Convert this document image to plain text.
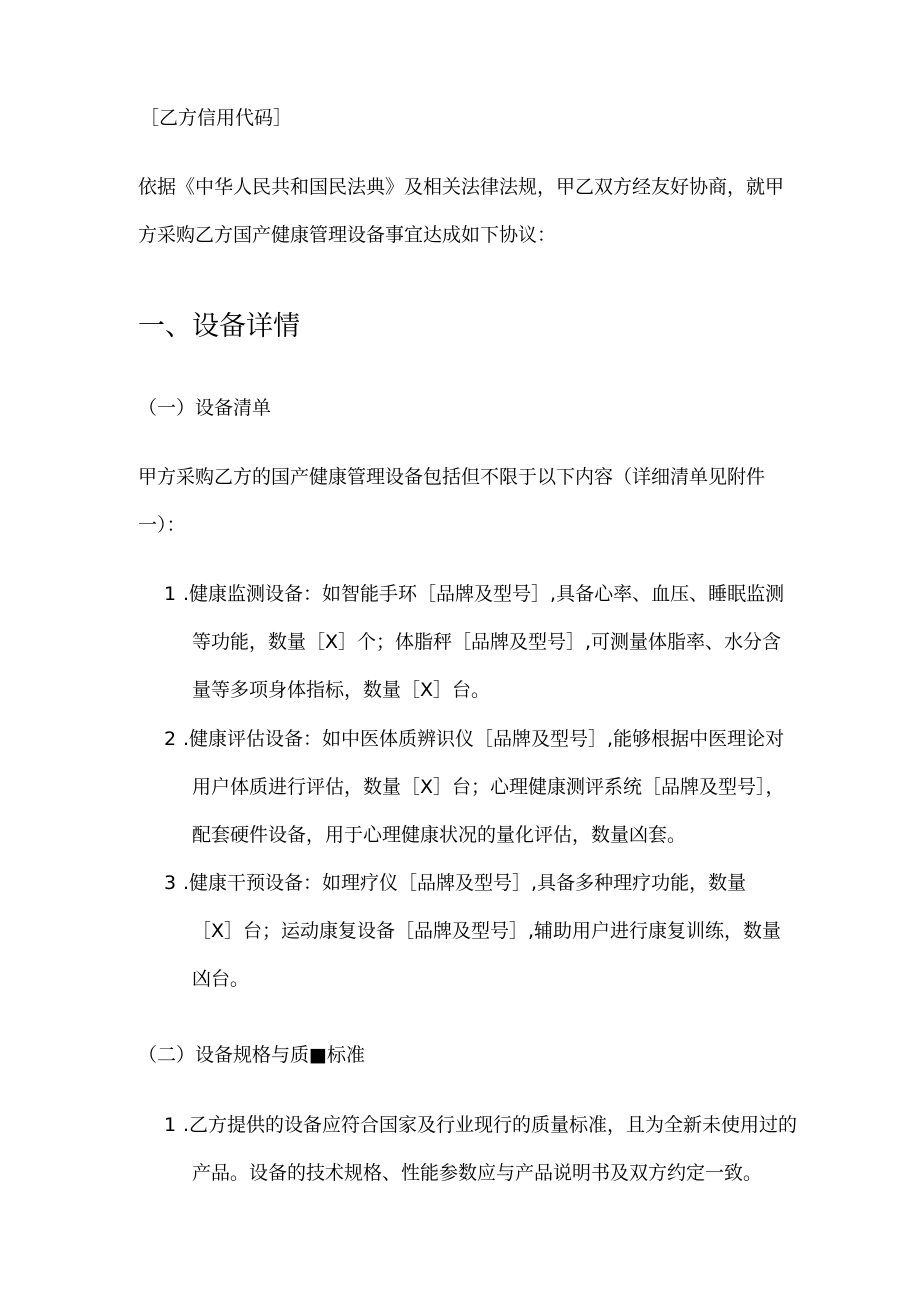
［乙方信用代码］
依据《中华人民共和国民法典》及相关法律法规，甲乙双方经友好协商，就甲
方采购乙方国产健康管理设备事宜达成如下协议：
一、设备详情
（一）设备清单
甲方采购乙方的国产健康管理设备包括但不限于以下内容（详细清单见附件
一）：
1 .健康监测设备：如智能手环［品牌及型号］,具备心率、血压、睡眠监测
等功能，数量［X］个；体脂秤［品牌及型号］,可测量体脂率、水分含
量等多项身体指标，数量［X］台。
2 .健康评估设备：如中医体质辨识仪［品牌及型号］,能够根据中医理论对
用户体质进行评估，数量［X］台；心理健康测评系统［品牌及型号］，
配套硬件设备，用于心理健康状况的量化评估，数量凶套。
3 .健康干预设备：如理疗仪［品牌及型号］,具备多种理疗功能，数量
［X］台；运动康复设备［品牌及型号］,辅助用户进行康复训练，数量
凶台。
（二）设备规格与质■标准
1 .乙方提供的设备应符合国家及行业现行的质量标准，且为全新未使用过的
产品。设备的技术规格、性能参数应与产品说明书及双方约定一致。
